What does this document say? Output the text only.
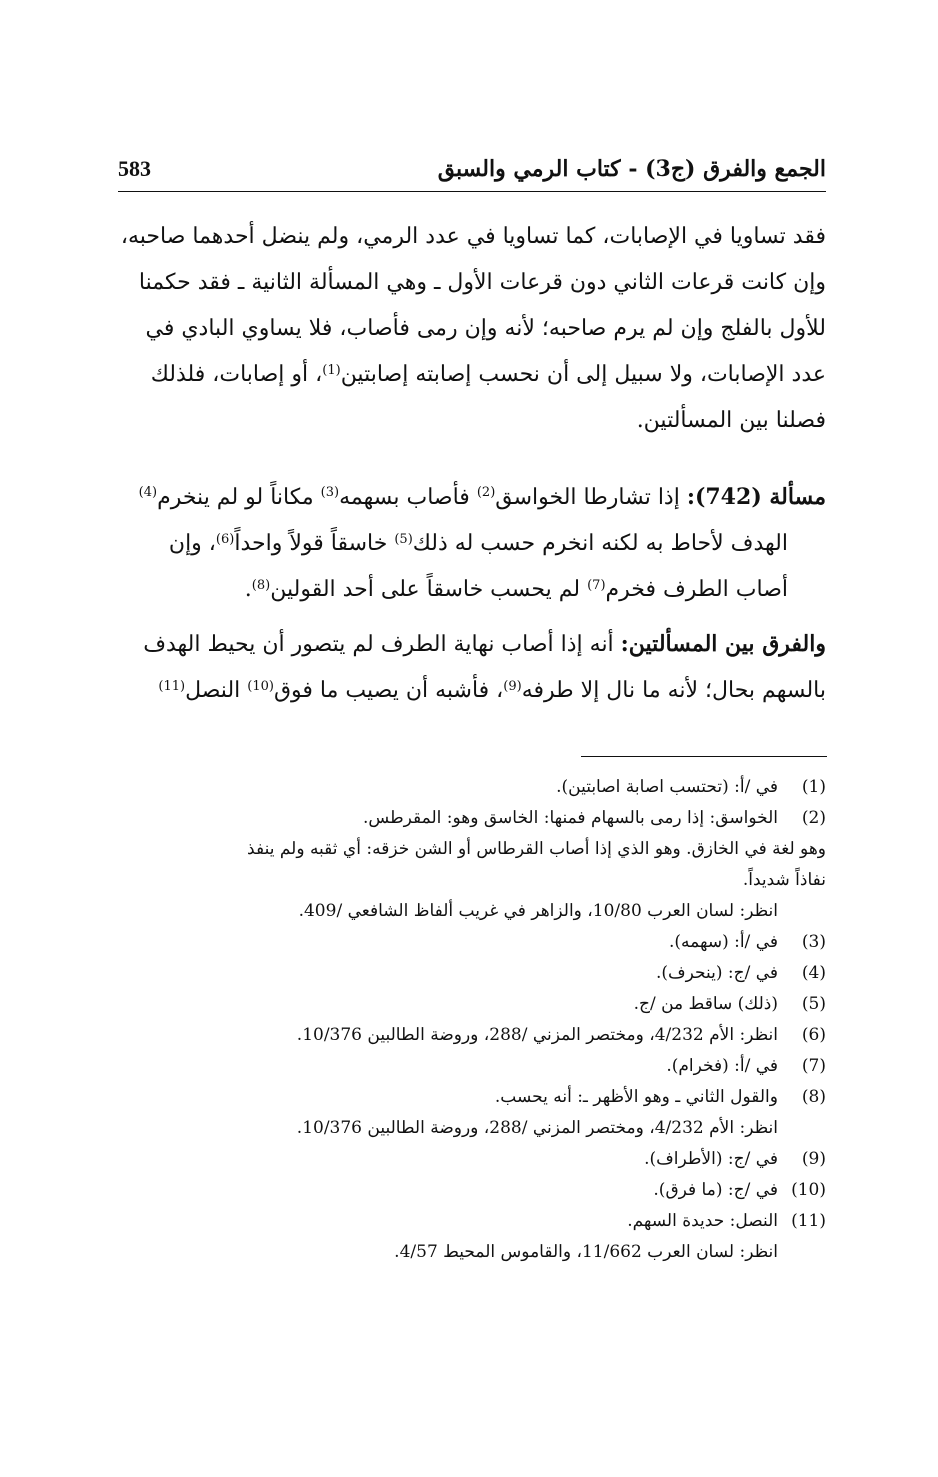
الجمع والفرق (ج3) - كتاب الرمي والسبق
583
فقد تساويا في الإصابات، كما تساويا في عدد الرمي، ولم ينضل أحدهما صاحبه،
وإن كانت قرعات الثاني دون قرعات الأول ـ وهي المسألة الثانية ـ فقد حكمنا
للأول بالفلج وإن لم يرم صاحبه؛ لأنه وإن رمى فأصاب، فلا يساوي البادي في
عدد الإصابات، ولا سبيل إلى أن نحسب إصابته إصابتين$^{(1)}$، أو إصابات، فلذلك
فصلنا بين المسألتين.
مسألة (742): إذا تشارطا الخواسق$^{(2)}$ فأصاب بسهمه$^{(3)}$ مكاناً لو لم ينخرم$^{(4)}$
الهدف لأحاط به لكنه انخرم حسب له ذلك$^{(5)}$ خاسقاً قولاً واحداً$^{(6)}$، وإن
أصاب الطرف فخرم$^{(7)}$ لم يحسب خاسقاً على أحد القولين$^{(8)}$.
والفرق بين المسألتين: أنه إذا أصاب نهاية الطرف لم يتصور أن يحيط الهدف
بالسهم بحال؛ لأنه ما نال إلا طرفه$^{(9)}$، فأشبه أن يصيب ما فوق$^{(10)}$ النصل$^{(11)}$
(1)
في /أ: (تحتسب اصابة اصابتين).
(2)
الخواسق: إذا رمى بالسهام فمنها: الخاسق وهو: المقرطس.
وهو لغة في الخازق. وهو الذي إذا أصاب القرطاس أو الشن خزقه: أي ثقبه ولم ينفذ
نفاذاً شديداً.
انظر: لسان العرب 10/80، والزاهر في غريب ألفاظ الشافعي /409.
(3)
في /أ: (سهمه).
(4)
في /ج: (ينحرف).
(5)
(ذلك) ساقط من /ج.
(6)
انظر: الأم 4/232، ومختصر المزني /288، وروضة الطالبين 10/376.
(7)
في /أ: (فخرام).
(8)
والقول الثاني ـ وهو الأظهر ـ: أنه يحسب.
انظر: الأم 4/232، ومختصر المزني /288، وروضة الطالبين 10/376.
(9)
في /ج: (الأطراف).
(10)
في /ج: (ما فرق).
(11)
النصل: حديدة السهم.
انظر: لسان العرب 11/662، والقاموس المحيط 4/57.
